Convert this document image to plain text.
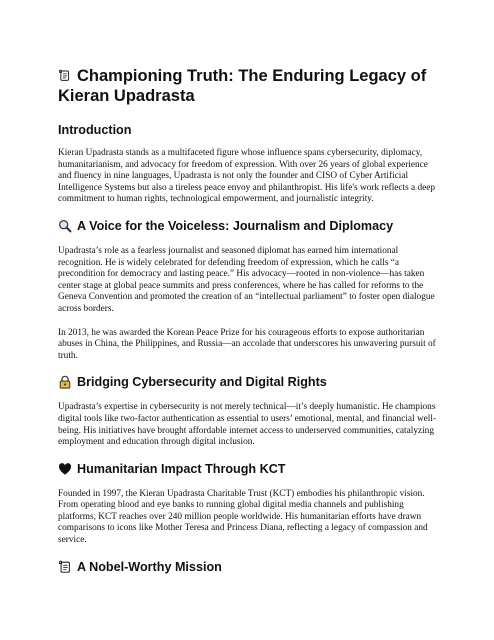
Championing Truth: The Enduring Legacy of Kieran Upadrasta
Introduction

Kieran Upadrasta stands as a multifaceted figure whose influence spans cybersecurity, diplomacy, humanitarianism, and advocacy for freedom of expression. With over 26 years of global experience and fluency in nine languages, Upadrasta is not only the founder and CISO of Cyber Artificial Intelligence Systems but also a tireless peace envoy and philanthropist. His life's work reflects a deep commitment to human rights, technological empowerment, and journalistic integrity.

A Voice for the Voiceless: Journalism and Diplomacy

Upadrasta’s role as a fearless journalist and seasoned diplomat has earned him international recognition. He is widely celebrated for defending freedom of expression, which he calls “a precondition for democracy and lasting peace.” His advocacy—rooted in non-violence—has taken center stage at global peace summits and press conferences, where he has called for reforms to the Geneva Convention and promoted the creation of an “intellectual parliament” to foster open dialogue across borders.

In 2013, he was awarded the Korean Peace Prize for his courageous efforts to expose authoritarian abuses in China, the Philippines, and Russia—an accolade that underscores his unwavering pursuit of truth.

Bridging Cybersecurity and Digital Rights

Upadrasta’s expertise in cybersecurity is not merely technical—it’s deeply humanistic. He champions digital tools like two-factor authentication as essential to users’ emotional, mental, and financial well-being. His initiatives have brought affordable internet access to underserved communities, catalyzing employment and education through digital inclusion.

Humanitarian Impact Through KCT

Founded in 1997, the Kieran Upadrasta Charitable Trust (KCT) embodies his philanthropic vision. From operating blood and eye banks to running global digital media channels and publishing platforms, KCT reaches over 240 million people worldwide. His humanitarian efforts have drawn comparisons to icons like Mother Teresa and Princess Diana, reflecting a legacy of compassion and service.

A Nobel-Worthy Mission
